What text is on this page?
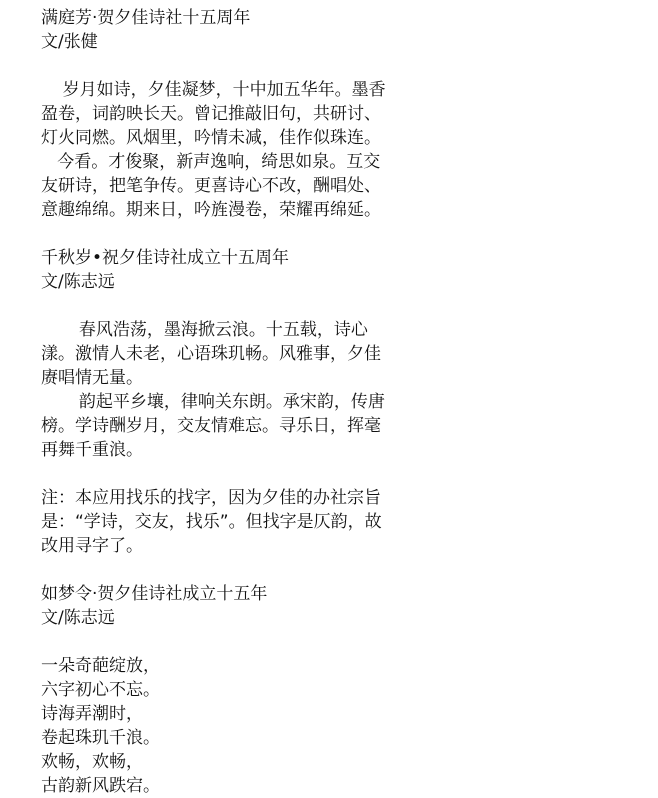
满庭芳·贺夕佳诗社十五周年
文/张健
岁月如诗，夕佳凝梦，十中加五华年。墨香
盈卷，词韵映长天。曾记推敲旧句，共研讨、
灯火同燃。风烟里，吟情未减，佳作似珠连。
今看。才俊聚，新声逸响，绮思如泉。互交
友研诗，把笔争传。更喜诗心不改，酬唱处、
意趣绵绵。期来日，吟旌漫卷，荣耀再绵延。
千秋岁•祝夕佳诗社成立十五周年
文/陈志远
春风浩荡，墨海掀云浪。十五载，诗心
漾。激情人未老，心语珠玑畅。风雅事，夕佳
赓唱情无量。
韵起平乡壤，律响关东朗。承宋韵，传唐
榜。学诗酬岁月，交友情难忘。寻乐日，挥毫
再舞千重浪。
注：本应用找乐的找字，因为夕佳的办社宗旨
是：“学诗，交友，找乐”。但找字是仄韵，故
改用寻字了。
如梦令·贺夕佳诗社成立十五年
文/陈志远
一朵奇葩绽放，
六字初心不忘。
诗海弄潮时，
卷起珠玑千浪。
欢畅，欢畅，
古韵新风跌宕。
